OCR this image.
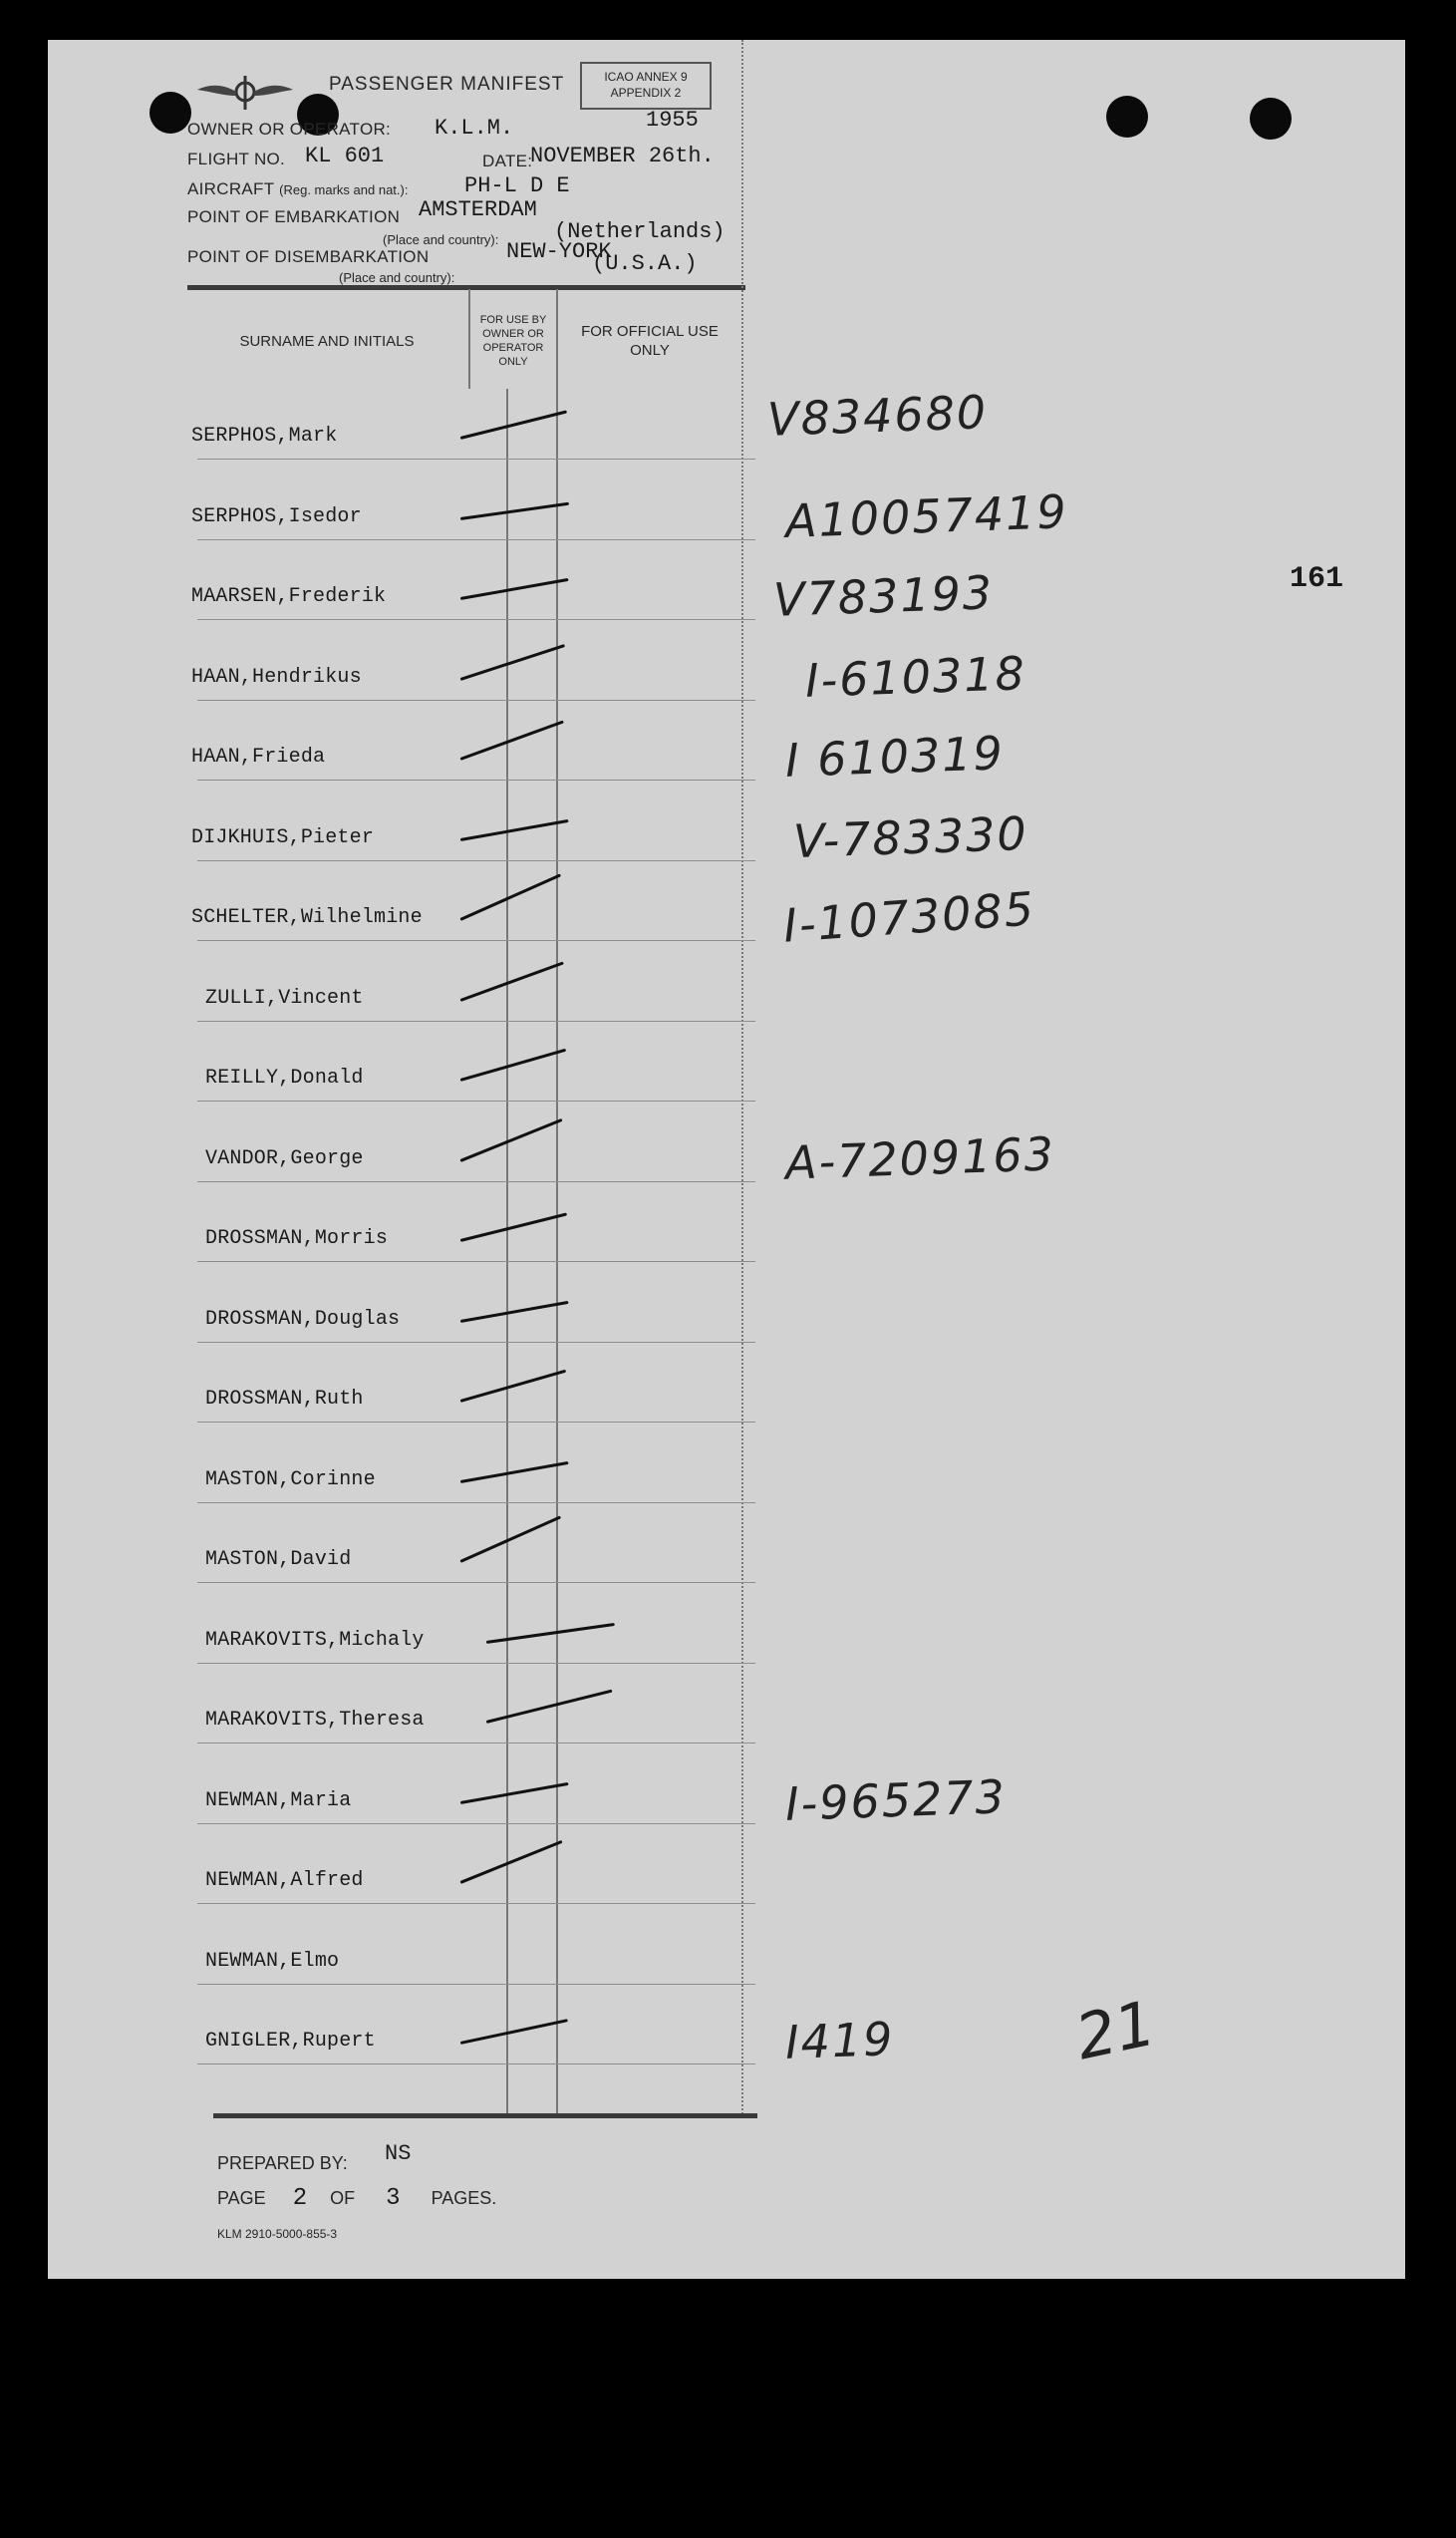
PASSENGER MANIFEST	ICAO ANNEX 9
APPENDIX 2
1955
OWNER OR OPERATOR: K.L.M.
FLIGHT NO. KL 601	DATE:
NOVEMBER 26th.
AIRCRAFT (Reg. marks and nat.):	PH-L D E
POINT OF EMBARKATION AMSTERDAM
(Place and country):	(Netherlands)
POINT OF DISEMBARKATION	NEW-YORK
(U.S.A.)
(Place and country):
161
SURNAME AND INITIALS
FOR USE BY OWNER OR OPERATOR ONLY
FOR OFFICIAL USE ONLY
SERPHOS,Mark	V834680
SERPHOS,Isedor	A10057419
MAARSEN,Frederik	V783193
HAAN,Hendrikus	I-610318
HAAN,Frieda	I 610319
DIJKHUIS,Pieter	V-783330
SCHELTER,Wilhelmine	I-1073085
ZULLI,Vincent
REILLY,Donald
VANDOR,George	A-7209163
DROSSMAN,Morris
DROSSMAN,Douglas
DROSSMAN,Ruth
MASTON,Corinne
MASTON,David
MARAKOVITS,Michaly
MARAKOVITS,Theresa
NEWMAN,Maria	I-965273
NEWMAN,Alfred
NEWMAN,Elmo
GNIGLER,Rupert	I419	21
PREPARED BY: NS
PAGE 2 OF 3 PAGES.
KLM 2910-5000-855-3
